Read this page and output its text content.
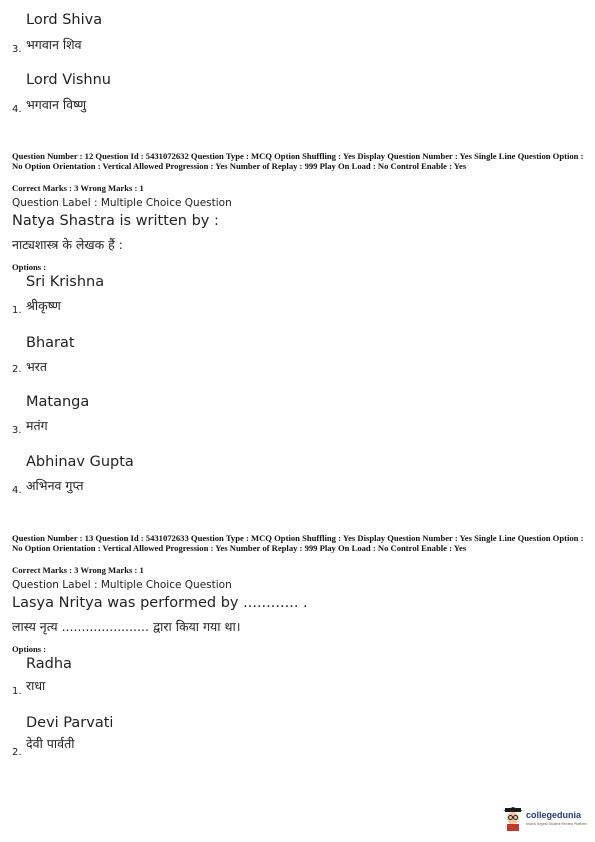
Lord Shiva
3. भगवान शिव
Lord Vishnu
4. भगवान विष्णु
Question Number : 12 Question Id : 5431072632 Question Type : MCQ Option Shuffling : Yes Display Question Number : Yes Single Line Question Option : No Option Orientation : Vertical Allowed Progression : Yes Number of Replay : 999 Play On Load : No Control Enable : Yes
Correct Marks : 3 Wrong Marks : 1
Question Label : Multiple Choice Question
Natya Shastra is written by :
नाट्यशास्त्र के लेखक हैं :
Options :
Sri Krishna
1. श्रीकृष्ण
Bharat
2. भरत
Matanga
3. मतंग
Abhinav Gupta
4. अभिनव गुप्त
Question Number : 13 Question Id : 5431072633 Question Type : MCQ Option Shuffling : Yes Display Question Number : Yes Single Line Question Option : No Option Orientation : Vertical Allowed Progression : Yes Number of Replay : 999 Play On Load : No Control Enable : Yes
Correct Marks : 3 Wrong Marks : 1
Question Label : Multiple Choice Question
Lasya Nritya was performed by ............ .
लास्य नृत्य ...................... द्वारा किया गया था।
Options :
Radha
1. राधा
Devi Parvati
2.
देवी पार्वती
collegedunia
India's largest Student Review Platform
